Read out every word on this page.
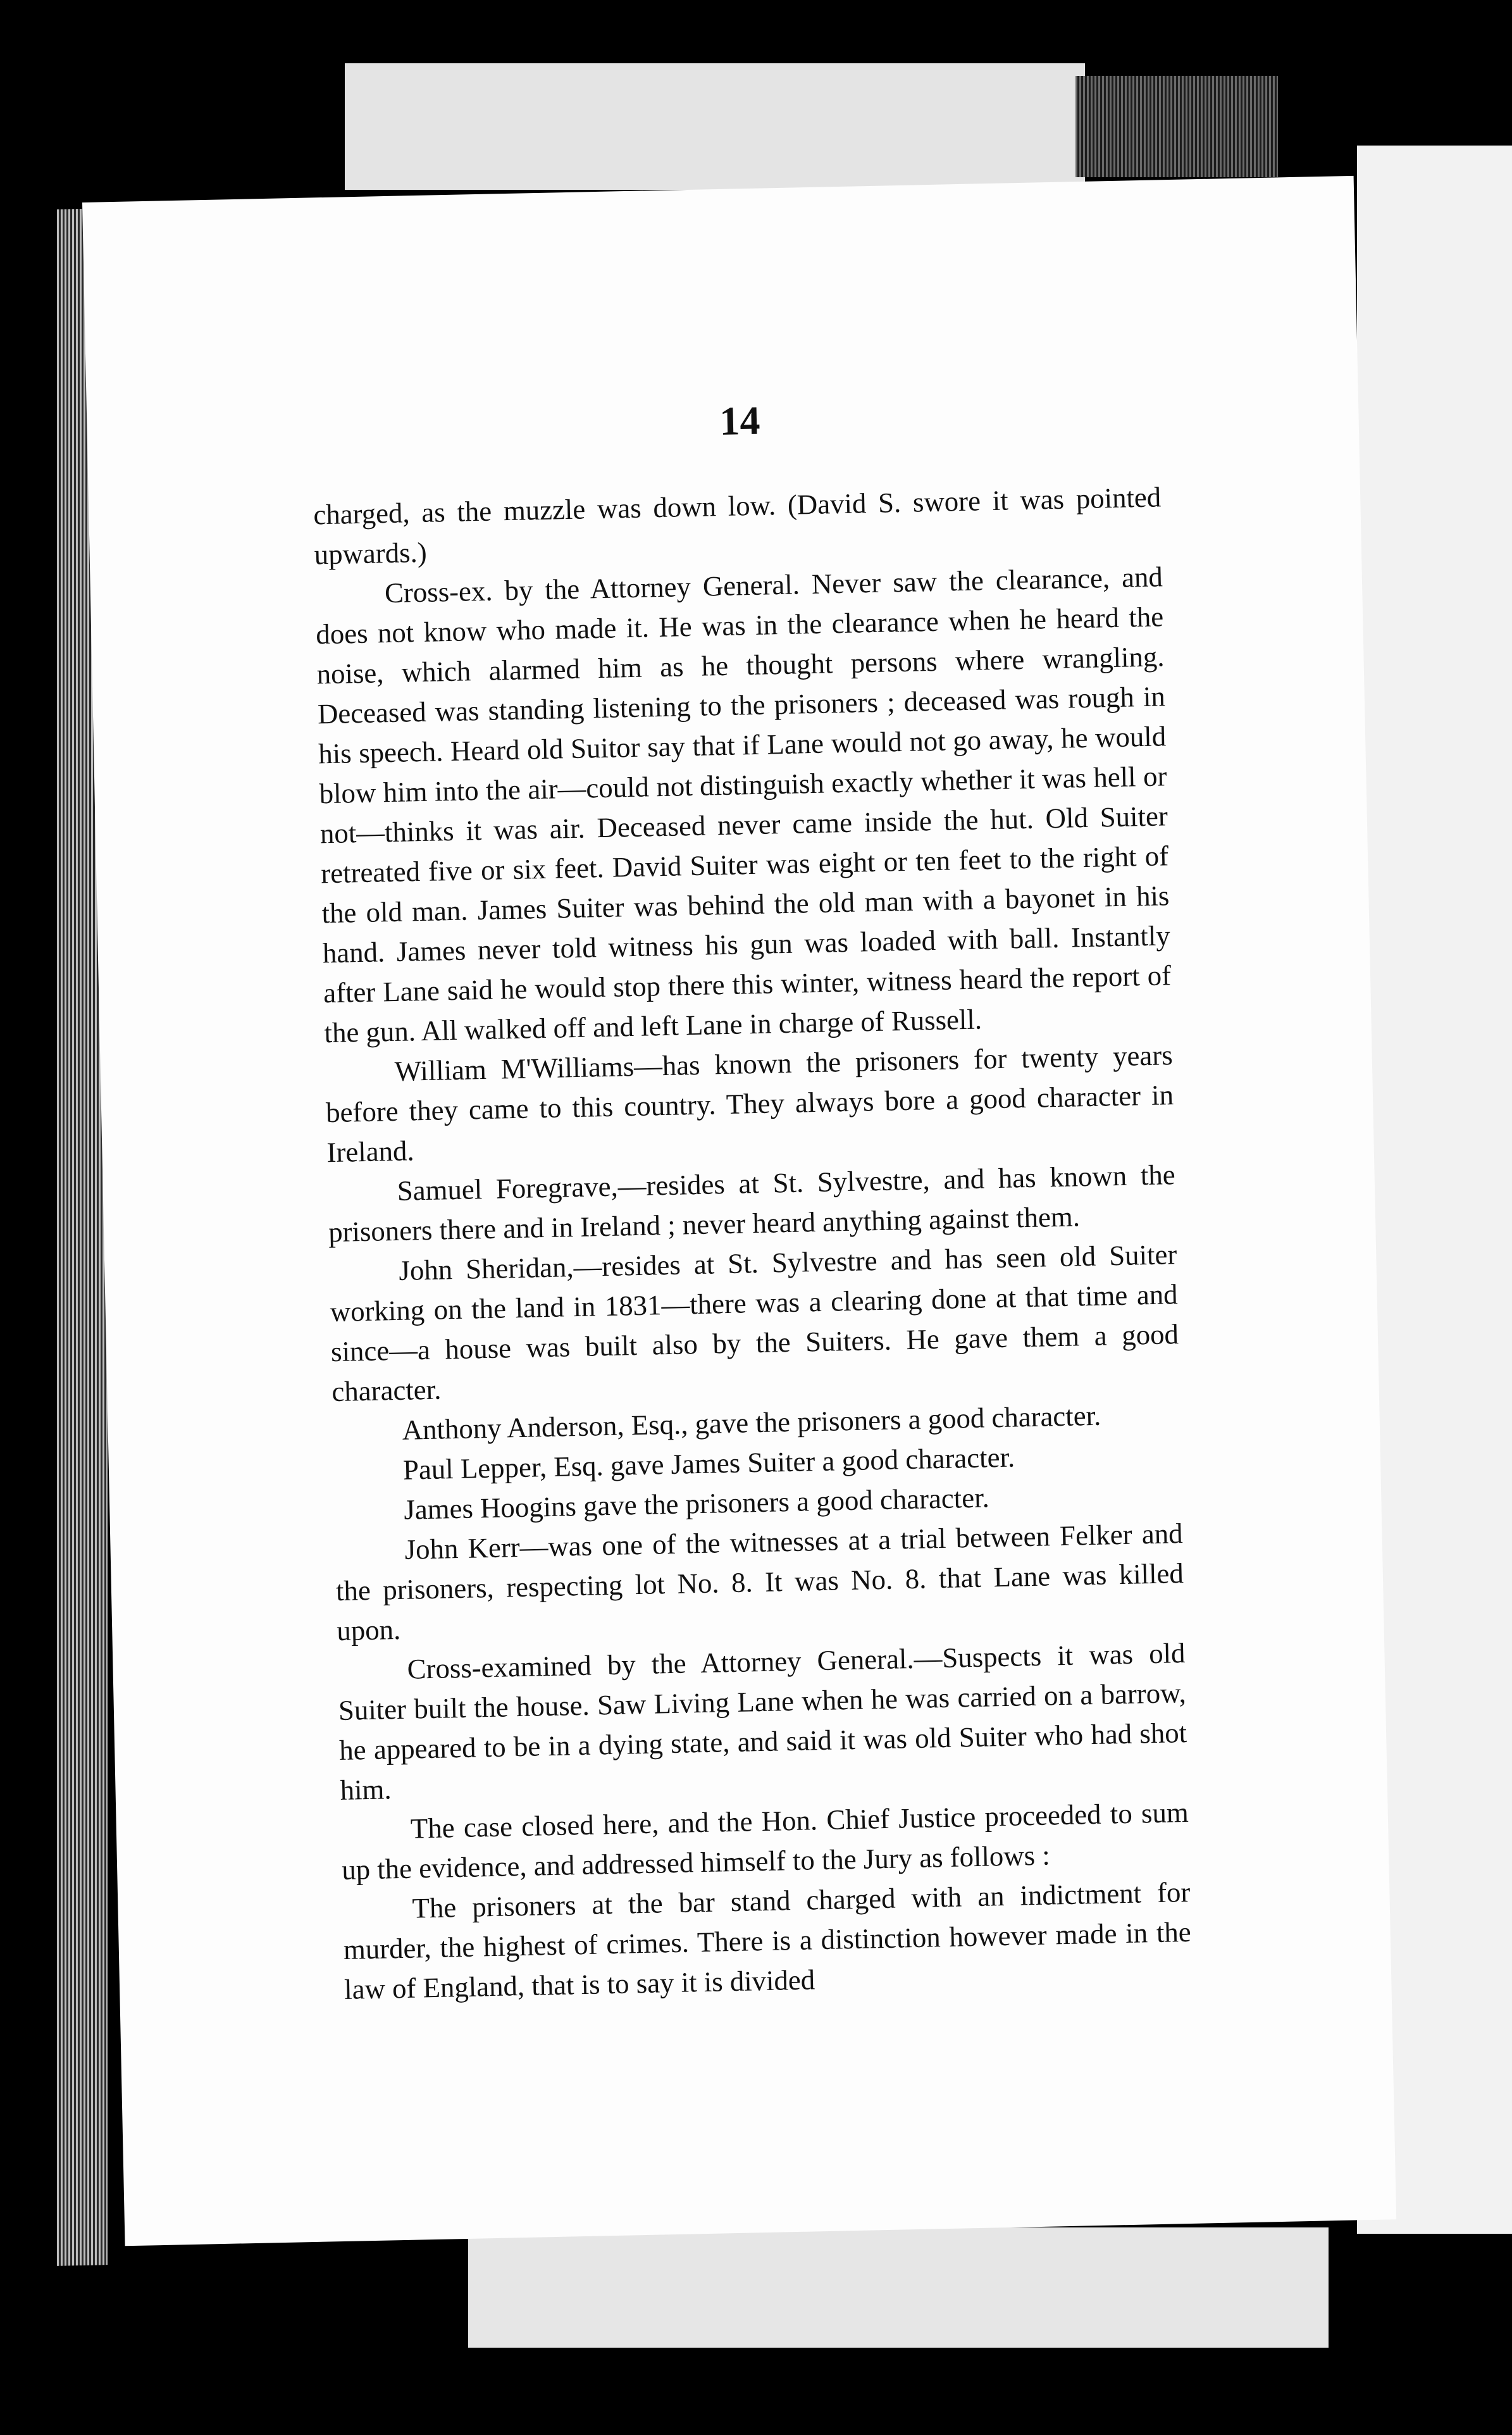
14

charged, as the muzzle was down low. (David S. swore it was pointed upwards.)

Cross-ex. by the Attorney General. Never saw the clearance, and does not know who made it. He was in the clearance when he heard the noise, which alarmed him as he thought persons where wrangling. Deceased was standing listening to the prisoners ; deceased was rough in his speech. Heard old Suitor say that if Lane would not go away, he would blow him into the air—could not distinguish exactly whether it was hell or not—thinks it was air. Deceased never came inside the hut. Old Suiter retreated five or six feet. David Suiter was eight or ten feet to the right of the old man. James Suiter was behind the old man with a bayonet in his hand. James never told witness his gun was loaded with ball. Instantly after Lane said he would stop there this winter, witness heard the report of the gun. All walked off and left Lane in charge of Russell.

William M'Williams—has known the prisoners for twenty years before they came to this country. They always bore a good character in Ireland.

Samuel Foregrave,—resides at St. Sylvestre, and has known the prisoners there and in Ireland ; never heard anything against them.

John Sheridan,—resides at St. Sylvestre and has seen old Suiter working on the land in 1831—there was a clearing done at that time and since—a house was built also by the Suiters. He gave them a good character.

Anthony Anderson, Esq., gave the prisoners a good character.

Paul Lepper, Esq. gave James Suiter a good character.

James Hoogins gave the prisoners a good character.

John Kerr—was one of the witnesses at a trial between Felker and the prisoners, respecting lot No. 8. It was No. 8. that Lane was killed upon.

Cross-examined by the Attorney General.—Suspects it was old Suiter built the house. Saw Living Lane when he was carried on a barrow, he appeared to be in a dying state, and said it was old Suiter who had shot him.

The case closed here, and the Hon. Chief Justice proceeded to sum up the evidence, and addressed himself to the Jury as follows :

The prisoners at the bar stand charged with an indictment for murder, the highest of crimes. There is a distinction however made in the law of England, that is to say it is divided
